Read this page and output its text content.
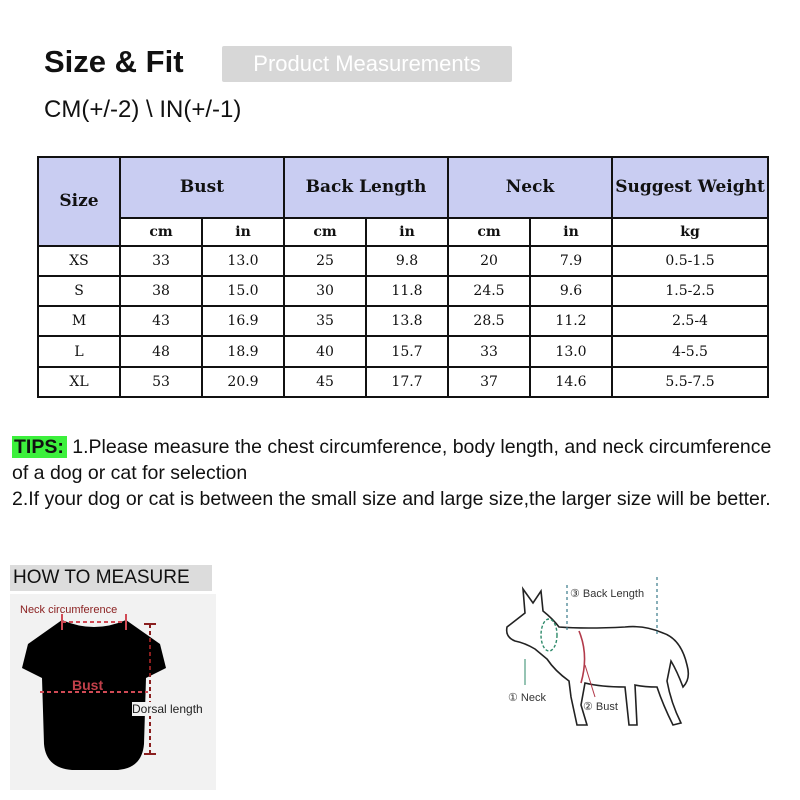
Size & Fit	Product Measurements
CM(+/-2) \ IN(+/-1)
Size	Bust		Back Length		Neck		Suggest Weight
	cm	in	cm	in	cm	in	kg
XS	33	13.0	25	9.8	20	7.9	0.5-1.5
S	38	15.0	30	11.8	24.5	9.6	1.5-2.5
M	43	16.9	35	13.8	28.5	11.2	2.5-4
L	48	18.9	40	15.7	33	13.0	4-5.5
XL	53	20.9	45	17.7	37	14.6	5.5-7.5
TIPS: 1.Please measure the chest circumference, body length, and neck circumference of a dog or cat for selection
2.If your dog or cat is between the small size and large size,the larger size will be better.
HOW TO MEASURE
Neck circumference
Bust
Dorsal length
③ Back Length
① Neck
② Bust
